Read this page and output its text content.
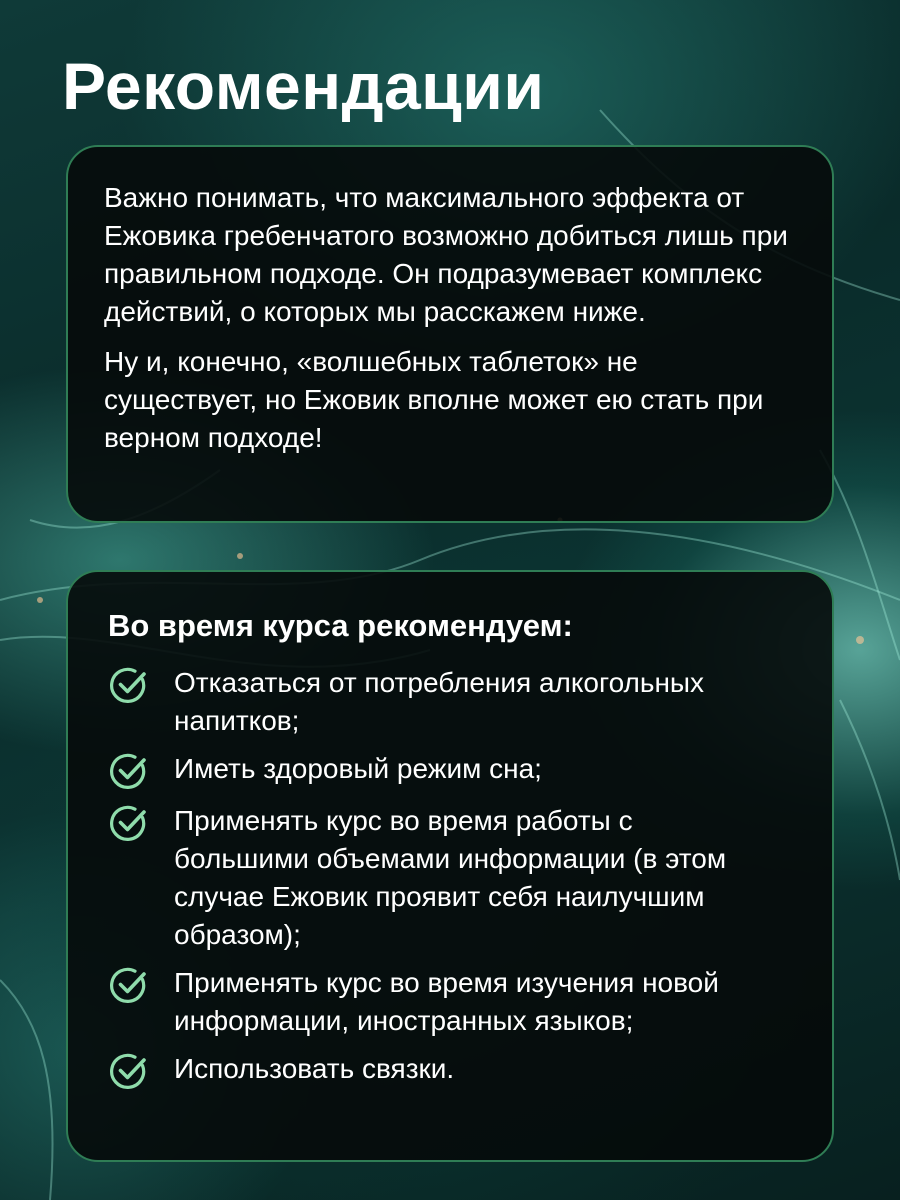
Рекомендации

Важно понимать, что максимального эффекта от Ежовика гребенчатого возможно добиться лишь при правильном подходе. Он подразумевает комплекс действий, о которых мы расскажем ниже.

Ну и, конечно, «волшебных таблеток» не существует, но Ежовик вполне может ею стать при верном подходе!

Во время курса рекомендуем:
Отказаться от потребления алкогольных напитков;
Иметь здоровый режим сна;
Применять курс во время работы с большими объемами информации (в этом случае Ежовик проявит себя наилучшим образом);
Применять курс во время изучения новой информации, иностранных языков;
Использовать связки.
